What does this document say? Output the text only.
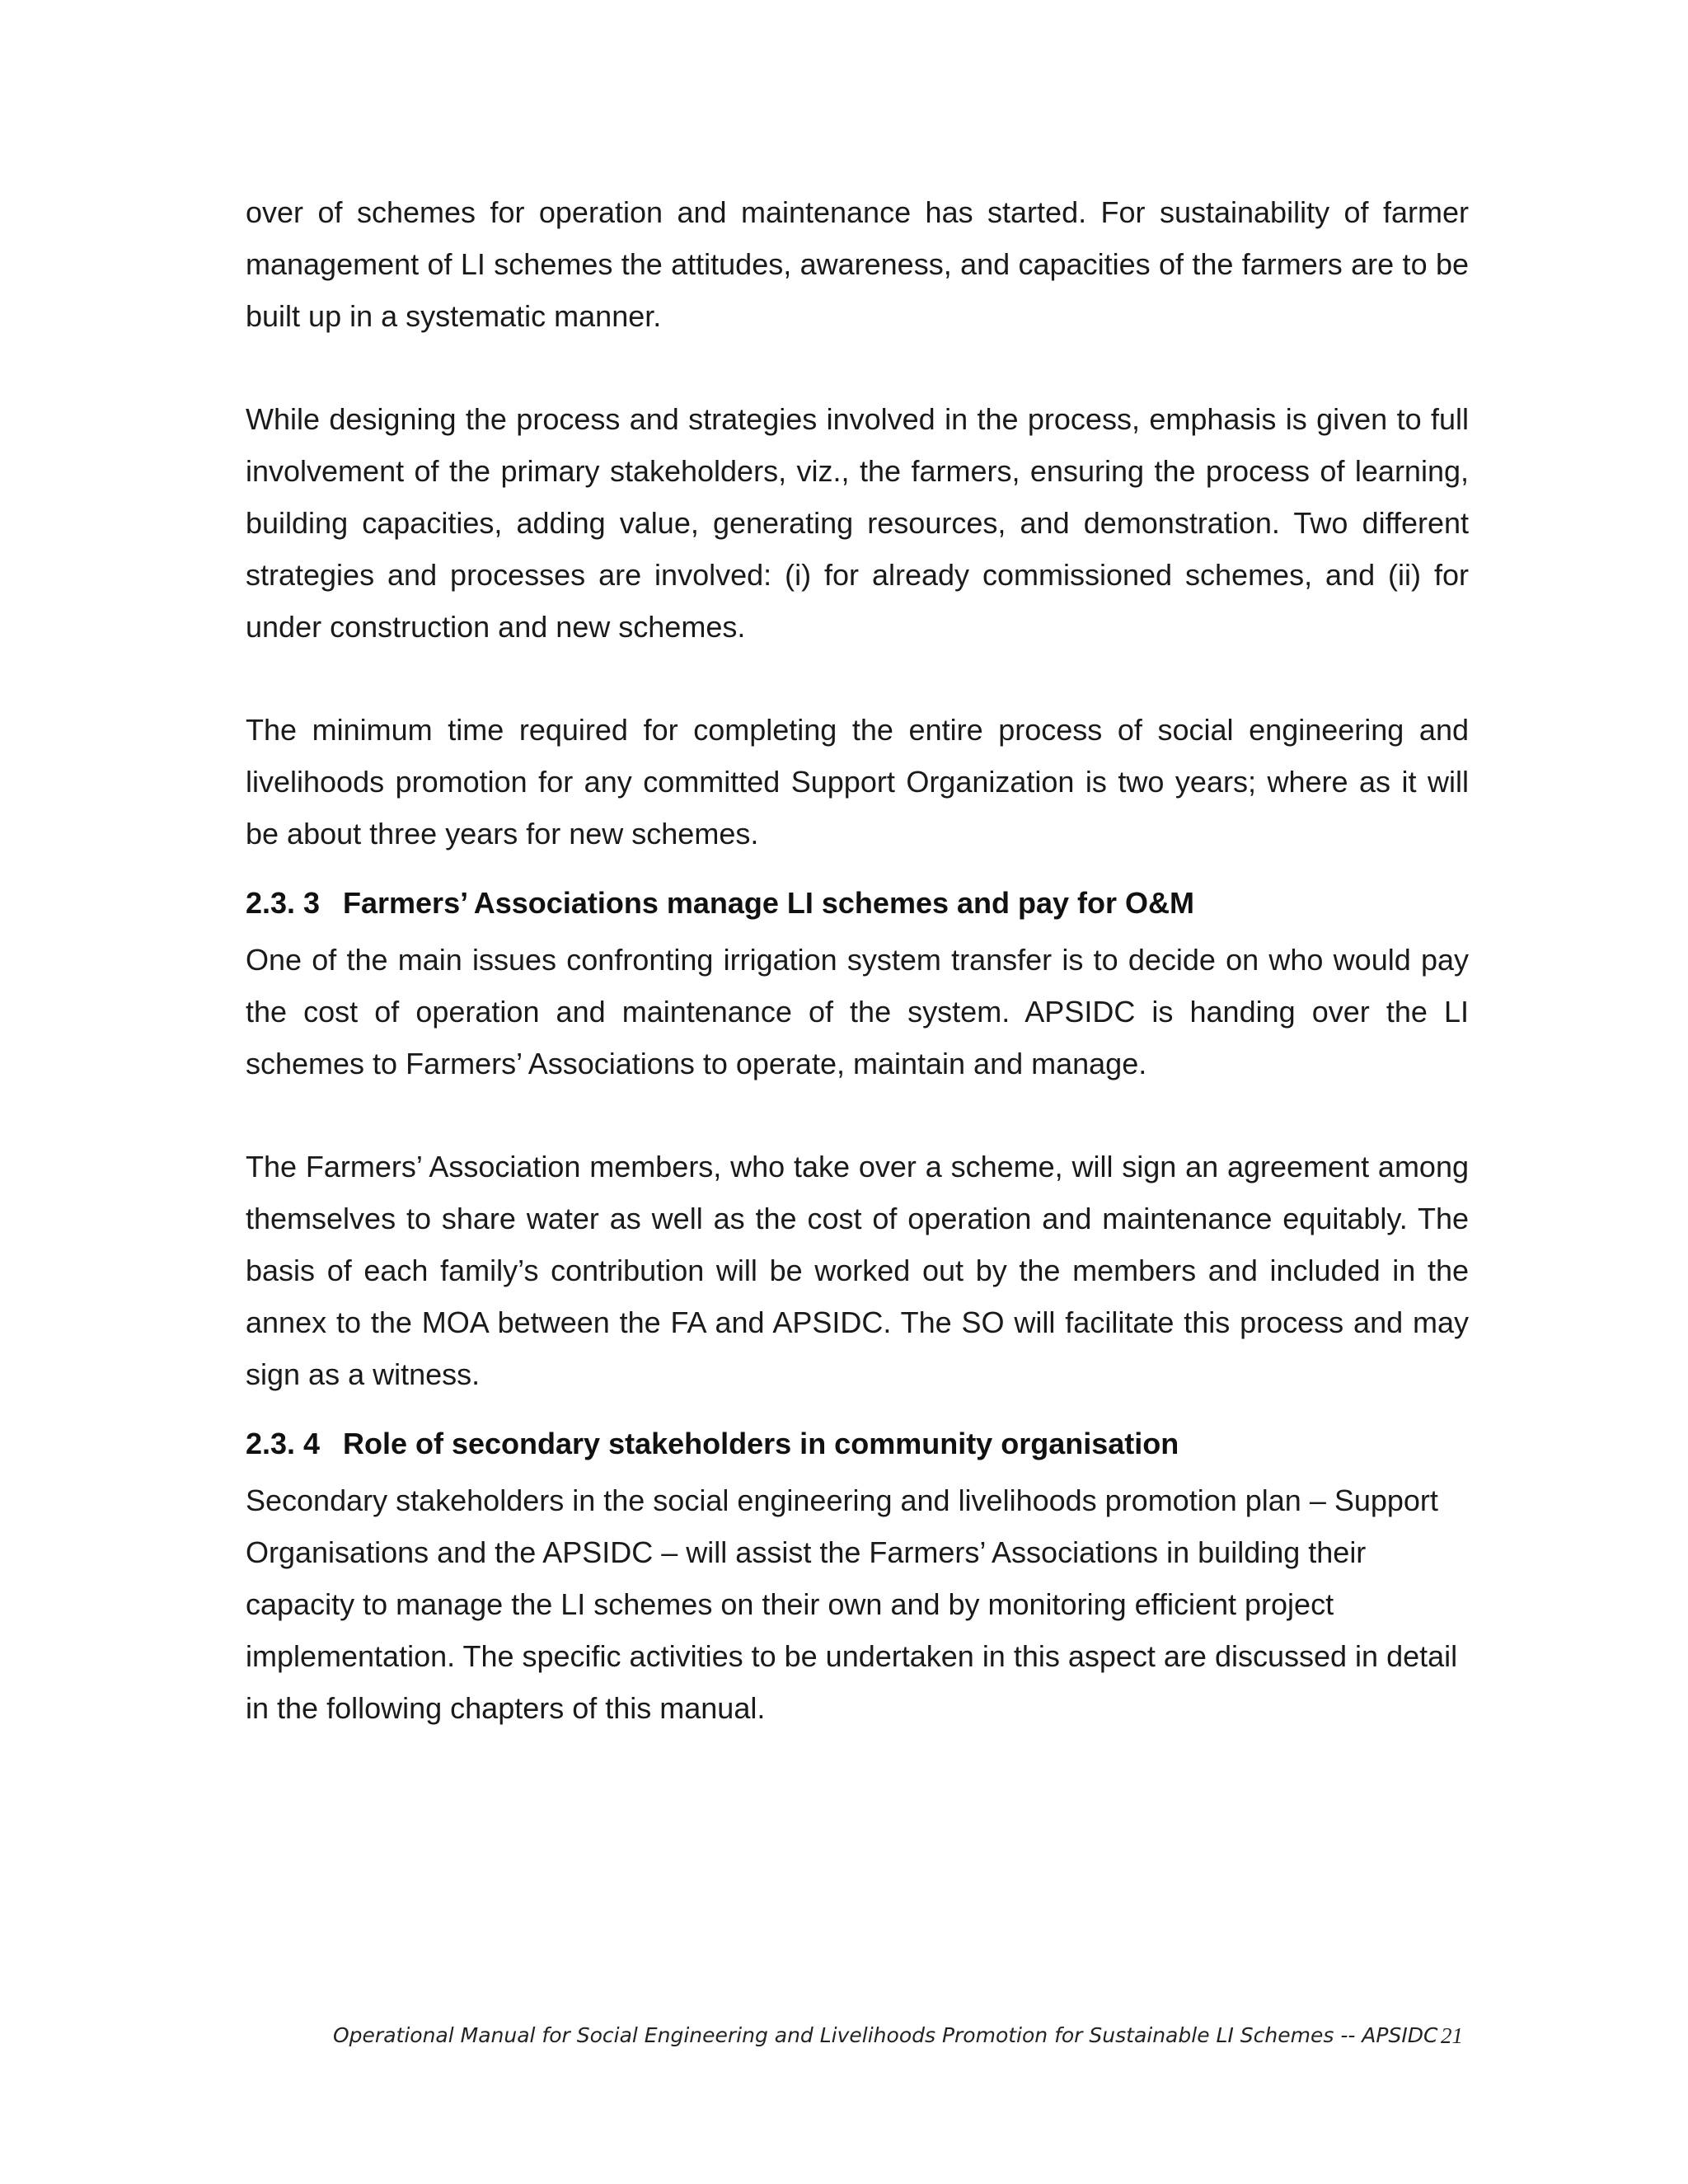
over of schemes for operation and maintenance has started. For sustainability of farmer management of LI schemes the attitudes, awareness, and capacities of the farmers are to be built up in a systematic manner.

While designing the process and strategies involved in the process, emphasis is given to full involvement of the primary stakeholders, viz., the farmers, ensuring the process of learning, building capacities, adding value, generating resources, and demonstration. Two different strategies and processes are involved: (i) for already commissioned schemes, and (ii) for under construction and new schemes.

The minimum time required for completing the entire process of social engineering and livelihoods promotion for any committed Support Organization is two years; where as it will be about three years for new schemes.

2.3. 3 Farmers’ Associations manage LI schemes and pay for O&M

One of the main issues confronting irrigation system transfer is to decide on who would pay the cost of operation and maintenance of the system. APSIDC is handing over the LI schemes to Farmers’ Associations to operate, maintain and manage.

The Farmers’ Association members, who take over a scheme, will sign an agreement among themselves to share water as well as the cost of operation and maintenance equitably. The basis of each family’s contribution will be worked out by the members and included in the annex to the MOA between the FA and APSIDC. The SO will facilitate this process and may sign as a witness.

2.3. 4 Role of secondary stakeholders in community organisation

Secondary stakeholders in the social engineering and livelihoods promotion plan – Support Organisations and the APSIDC – will assist the Farmers’ Associations in building their capacity to manage the LI schemes on their own and by monitoring efficient project implementation. The specific activities to be undertaken in this aspect are discussed in detail in the following chapters of this manual.

Operational Manual for Social Engineering and Livelihoods Promotion for Sustainable LI Schemes -- APSIDC 21
